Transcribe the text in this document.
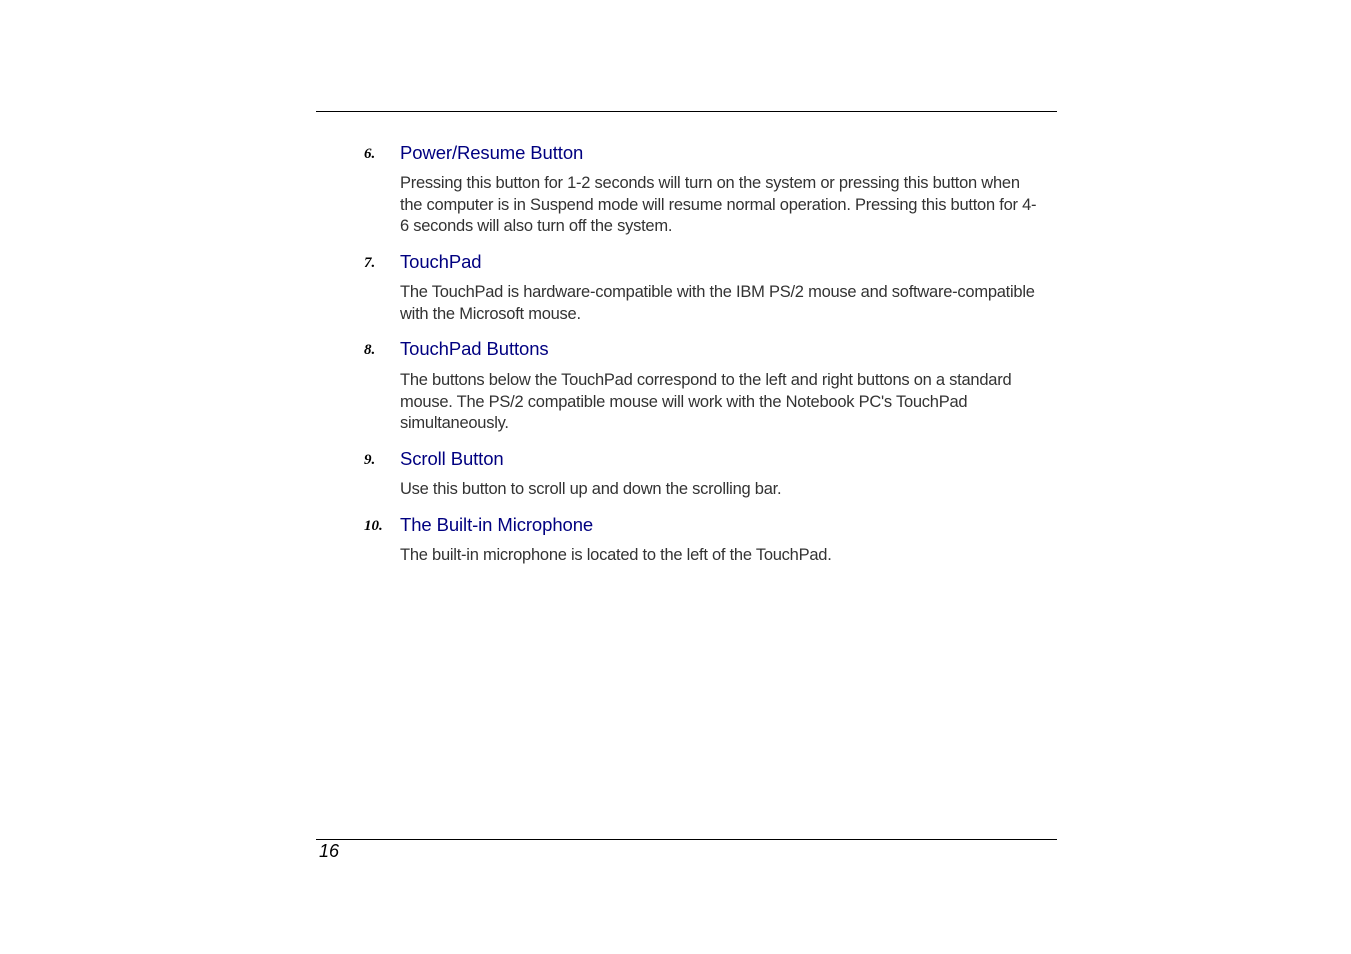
6. Power/Resume Button

Pressing this button for 1-2 seconds will turn on the system or pressing this button when the computer is in Suspend mode will resume normal operation. Pressing this button for 4-6 seconds will also turn off the system.

7. TouchPad

The TouchPad is hardware-compatible with the IBM PS/2 mouse and software-compatible with the Microsoft mouse.

8. TouchPad Buttons

The buttons below the TouchPad correspond to the left and right buttons on a standard mouse. The PS/2 compatible mouse will work with the Notebook PC's TouchPad simultaneously.

9. Scroll Button

Use this button to scroll up and down the scrolling bar.

10. The Built-in Microphone

The built-in microphone is located to the left of the TouchPad.

16
